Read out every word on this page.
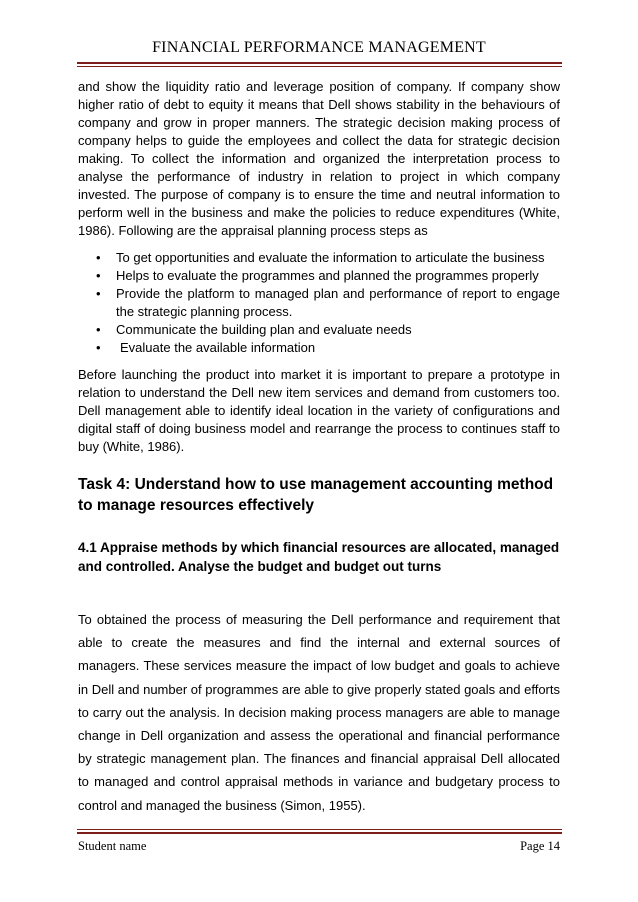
FINANCIAL PERFORMANCE MANAGEMENT

and show the liquidity ratio and leverage position of company. If company show higher ratio of debt to equity it means that Dell shows stability in the behaviours of company and grow in proper manners. The strategic decision making process of company helps to guide the employees and collect the data for strategic decision making. To collect the information and organized the interpretation process to analyse the performance of industry in relation to project in which company invested. The purpose of company is to ensure the time and neutral information to perform well in the business and make the policies to reduce expenditures (White, 1986). Following are the appraisal planning process steps as

• To get opportunities and evaluate the information to articulate the business
• Helps to evaluate the programmes and planned the programmes properly
• Provide the platform to managed plan and performance of report to engage the strategic planning process.
• Communicate the building plan and evaluate needs
• Evaluate the available information

Before launching the product into market it is important to prepare a prototype in relation to understand the Dell new item services and demand from customers too. Dell management able to identify ideal location in the variety of configurations and digital staff of doing business model and rearrange the process to continues staff to buy (White, 1986).

Task 4: Understand how to use management accounting method to manage resources effectively
4.1 Appraise methods by which financial resources are allocated, managed and controlled. Analyse the budget and budget out turns

To obtained the process of measuring the Dell performance and requirement that able to create the measures and find the internal and external sources of managers. These services measure the impact of low budget and goals to achieve in Dell and number of programmes are able to give properly stated goals and efforts to carry out the analysis. In decision making process managers are able to manage change in Dell organization and assess the operational and financial performance by strategic management plan. The finances and financial appraisal Dell allocated to managed and control appraisal methods in variance and budgetary process to control and managed the business (Simon, 1955).

Student name	Page 14
